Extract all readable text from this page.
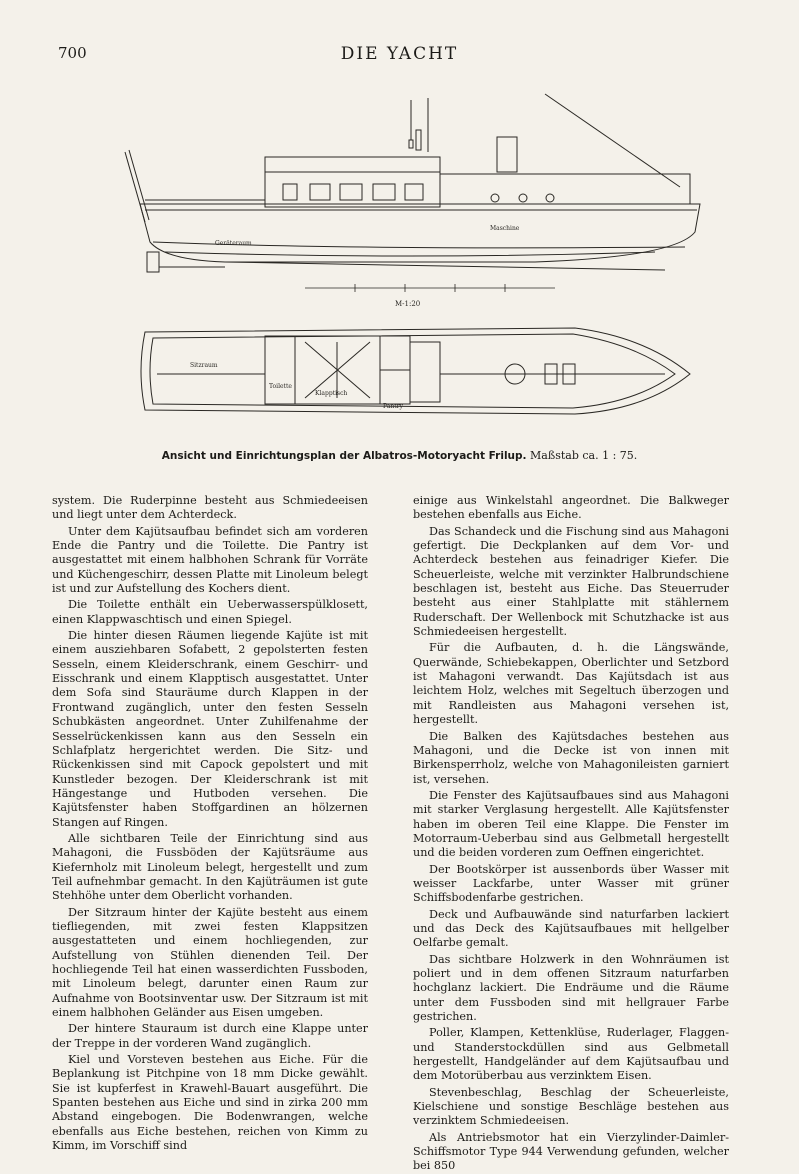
700	DIE YACHT
Geräteraum
Maschine
M-1:20
Klapptisch
Pantry
Toilette
Sitzraum
Ansicht und Einrichtungsplan der Albatros-Motoryacht Frilup. Maßstab ca. 1 : 75.

system. Die Ruderpinne besteht aus Schmiedeeisen und liegt unter dem Achterdeck.

Unter dem Kajütsaufbau befindet sich am vorderen Ende die Pantry und die Toilette. Die Pantry ist ausgestattet mit einem halbhohen Schrank für Vorräte und Küchengeschirr, dessen Platte mit Linoleum belegt ist und zur Aufstellung des Kochers dient.

Die Toilette enthält ein Ueberwasserspülklosett, einen Klappwaschtisch und einen Spiegel.

Die hinter diesen Räumen liegende Kajüte ist mit einem ausziehbaren Sofabett, 2 gepolsterten festen Sesseln, einem Kleiderschrank, einem Geschirr- und Eisschrank und einem Klapptisch ausgestattet. Unter dem Sofa sind Stauräume durch Klappen in der Frontwand zugänglich, unter den festen Sesseln Schubkästen angeordnet. Unter Zuhilfenahme der Sesselrückenkissen kann aus den Sesseln ein Schlafplatz hergerichtet werden. Die Sitz- und Rückenkissen sind mit Capock gepolstert und mit Kunstleder bezogen. Der Kleiderschrank ist mit Hängestange und Hutboden versehen. Die Kajütsfenster haben Stoffgardinen an hölzernen Stangen auf Ringen.

Alle sichtbaren Teile der Einrichtung sind aus Mahagoni, die Fussböden der Kajütsräume aus Kiefernholz mit Linoleum belegt, hergestellt und zum Teil aufnehmbar gemacht. In den Kajüträumen ist gute Stehhöhe unter dem Oberlicht vorhanden.

Der Sitzraum hinter der Kajüte besteht aus einem tiefliegenden, mit zwei festen Klappsitzen ausgestatteten und einem hochliegenden, zur Aufstellung von Stühlen dienenden Teil. Der hochliegende Teil hat einen wasserdichten Fussboden, mit Linoleum belegt, darunter einen Raum zur Aufnahme von Bootsinventar usw. Der Sitzraum ist mit einem halbhohen Geländer aus Eisen umgeben.

Der hintere Stauraum ist durch eine Klappe unter der Treppe in der vorderen Wand zugänglich.

Kiel und Vorsteven bestehen aus Eiche. Für die Beplankung ist Pitchpine von 18 mm Dicke gewählt. Sie ist kupferfest in Krawehl-Bauart ausgeführt. Die Spanten bestehen aus Eiche und sind in zirka 200 mm Abstand eingebogen. Die Bodenwrangen, welche ebenfalls aus Eiche bestehen, reichen von Kimm zu Kimm, im Vorschiff sind

einige aus Winkelstahl angeordnet. Die Balkweger bestehen ebenfalls aus Eiche.

Das Schandeck und die Fischung sind aus Mahagoni gefertigt. Die Deckplanken auf dem Vor- und Achterdeck bestehen aus feinadriger Kiefer. Die Scheuerleiste, welche mit verzinkter Halbrundschiene beschlagen ist, besteht aus Eiche. Das Steuerruder besteht aus einer Stahlplatte mit stählernem Ruderschaft. Der Wellenbock mit Schutzhacke ist aus Schmiedeeisen hergestellt.

Für die Aufbauten, d. h. die Längswände, Querwände, Schiebekappen, Oberlichter und Setzbord ist Mahagoni verwandt. Das Kajütsdach ist aus leichtem Holz, welches mit Segeltuch überzogen und mit Randleisten aus Mahagoni versehen ist, hergestellt.

Die Balken des Kajütsdaches bestehen aus Mahagoni, und die Decke ist von innen mit Birkensperrholz, welche von Mahagonileisten garniert ist, versehen.

Die Fenster des Kajütsaufbaues sind aus Mahagoni mit starker Verglasung hergestellt. Alle Kajütsfenster haben im oberen Teil eine Klappe. Die Fenster im Motorraum-Ueberbau sind aus Gelbmetall hergestellt und die beiden vorderen zum Oeffnen eingerichtet.

Der Bootskörper ist aussenbords über Wasser mit weisser Lackfarbe, unter Wasser mit grüner Schiffsbodenfarbe gestrichen.

Deck und Aufbauwände sind naturfarben lackiert und das Deck des Kajütsaufbaues mit hellgelber Oelfarbe gemalt.

Das sichtbare Holzwerk in den Wohnräumen ist poliert und in dem offenen Sitzraum naturfarben hochglanz lackiert. Die Endräume und die Räume unter dem Fussboden sind mit hellgrauer Farbe gestrichen.

Poller, Klampen, Kettenklüse, Ruderlager, Flaggen- und Standerstockdüllen sind aus Gelbmetall hergestellt, Handgeländer auf dem Kajütsaufbau und dem Motorüberbau aus verzinktem Eisen.

Stevenbeschlag, Beschlag der Scheuerleiste, Kielschiene und sonstige Beschläge bestehen aus verzinktem Schmiedeeisen.

Als Antriebsmotor hat ein Vierzylinder-Daimler-Schiffsmotor Type 944 Verwendung gefunden, welcher bei 850
